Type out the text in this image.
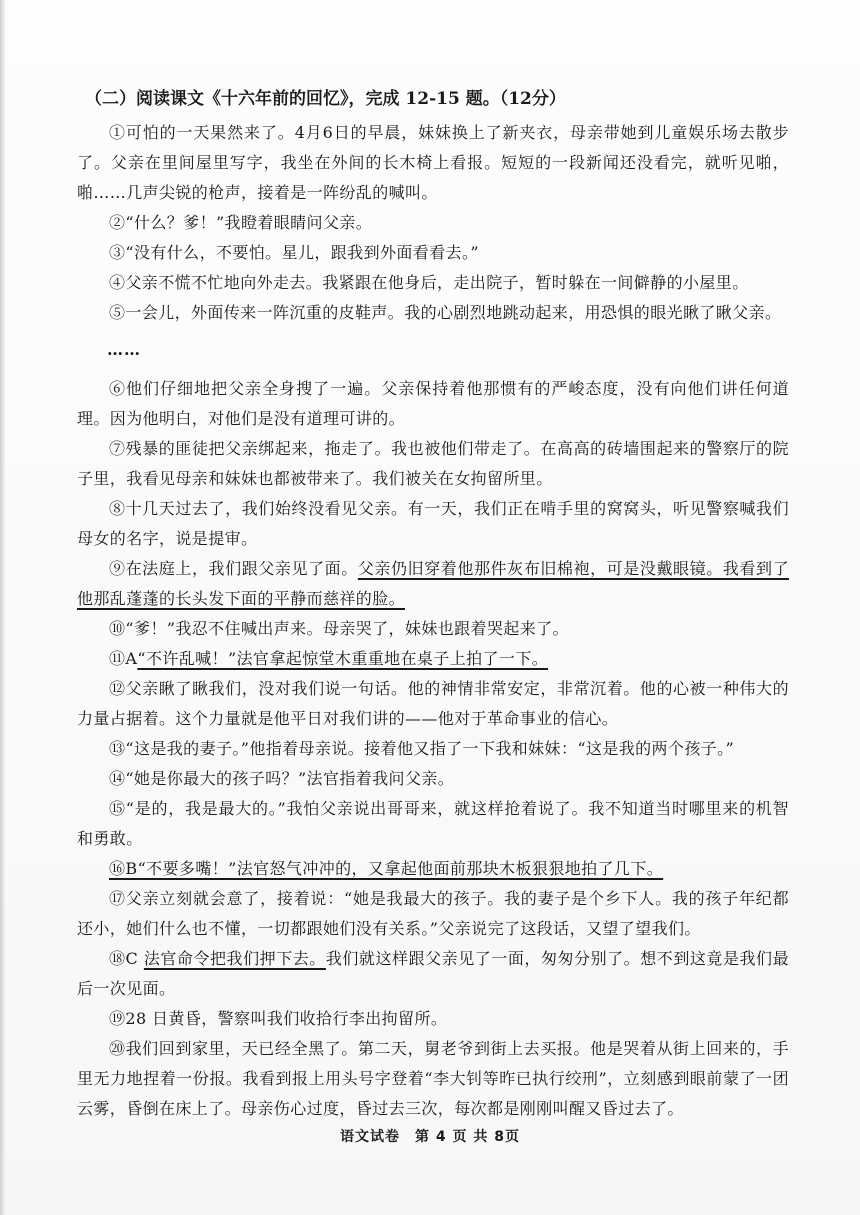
（二）阅读课文《十六年前的回忆》，完成 12-15 题。（12分）

①可怕的一天果然来了。4月6日的早晨，妹妹换上了新夹衣，母亲带她到儿童娱乐场去散步了。父亲在里间屋里写字，我坐在外间的长木椅上看报。短短的一段新闻还没看完，就听见啪，啪……几声尖锐的枪声，接着是一阵纷乱的喊叫。

②“什么？爹！”我瞪着眼睛问父亲。

③“没有什么，不要怕。星儿，跟我到外面看看去。”

④父亲不慌不忙地向外走去。我紧跟在他身后，走出院子，暂时躲在一间僻静的小屋里。

⑤一会儿，外面传来一阵沉重的皮鞋声。我的心剧烈地跳动起来，用恐惧的眼光瞅了瞅父亲。

……

⑥他们仔细地把父亲全身搜了一遍。父亲保持着他那惯有的严峻态度，没有向他们讲任何道理。因为他明白，对他们是没有道理可讲的。

⑦残暴的匪徒把父亲绑起来，拖走了。我也被他们带走了。在高高的砖墙围起来的警察厅的院子里，我看见母亲和妹妹也都被带来了。我们被关在女拘留所里。

⑧十几天过去了，我们始终没看见父亲。有一天，我们正在啃手里的窝窝头，听见警察喊我们母女的名字，说是提审。

⑨在法庭上，我们跟父亲见了面。父亲仍旧穿着他那件灰布旧棉袍，可是没戴眼镜。我看到了他那乱蓬蓬的长头发下面的平静而慈祥的脸。

⑩“爹！”我忍不住喊出声来。母亲哭了，妹妹也跟着哭起来了。

⑪A“不许乱喊！”法官拿起惊堂木重重地在桌子上拍了一下。

⑫父亲瞅了瞅我们，没对我们说一句话。他的神情非常安定，非常沉着。他的心被一种伟大的力量占据着。这个力量就是他平日对我们讲的——他对于革命事业的信心。

⑬“这是我的妻子。”他指着母亲说。接着他又指了一下我和妹妹：“这是我的两个孩子。”

⑭“她是你最大的孩子吗？”法官指着我问父亲。

⑮“是的，我是最大的。”我怕父亲说出哥哥来，就这样抢着说了。我不知道当时哪里来的机智和勇敢。

⑯B“不要多嘴！”法官怒气冲冲的，又拿起他面前那块木板狠狠地拍了几下。

⑰父亲立刻就会意了，接着说：“她是我最大的孩子。我的妻子是个乡下人。我的孩子年纪都还小，她们什么也不懂，一切都跟她们没有关系。”父亲说完了这段话，又望了望我们。

⑱C 法官命令把我们押下去。我们就这样跟父亲见了一面，匆匆分别了。想不到这竟是我们最后一次见面。

⑲28 日黄昏，警察叫我们收拾行李出拘留所。

⑳我们回到家里，天已经全黑了。第二天，舅老爷到街上去买报。他是哭着从街上回来的，手里无力地捏着一份报。我看到报上用头号字登着“李大钊等昨已执行绞刑”，立刻感到眼前蒙了一团云雾，昏倒在床上了。母亲伤心过度，昏过去三次，每次都是刚刚叫醒又昏过去了。

语文试卷　第 4 页 共 8页
